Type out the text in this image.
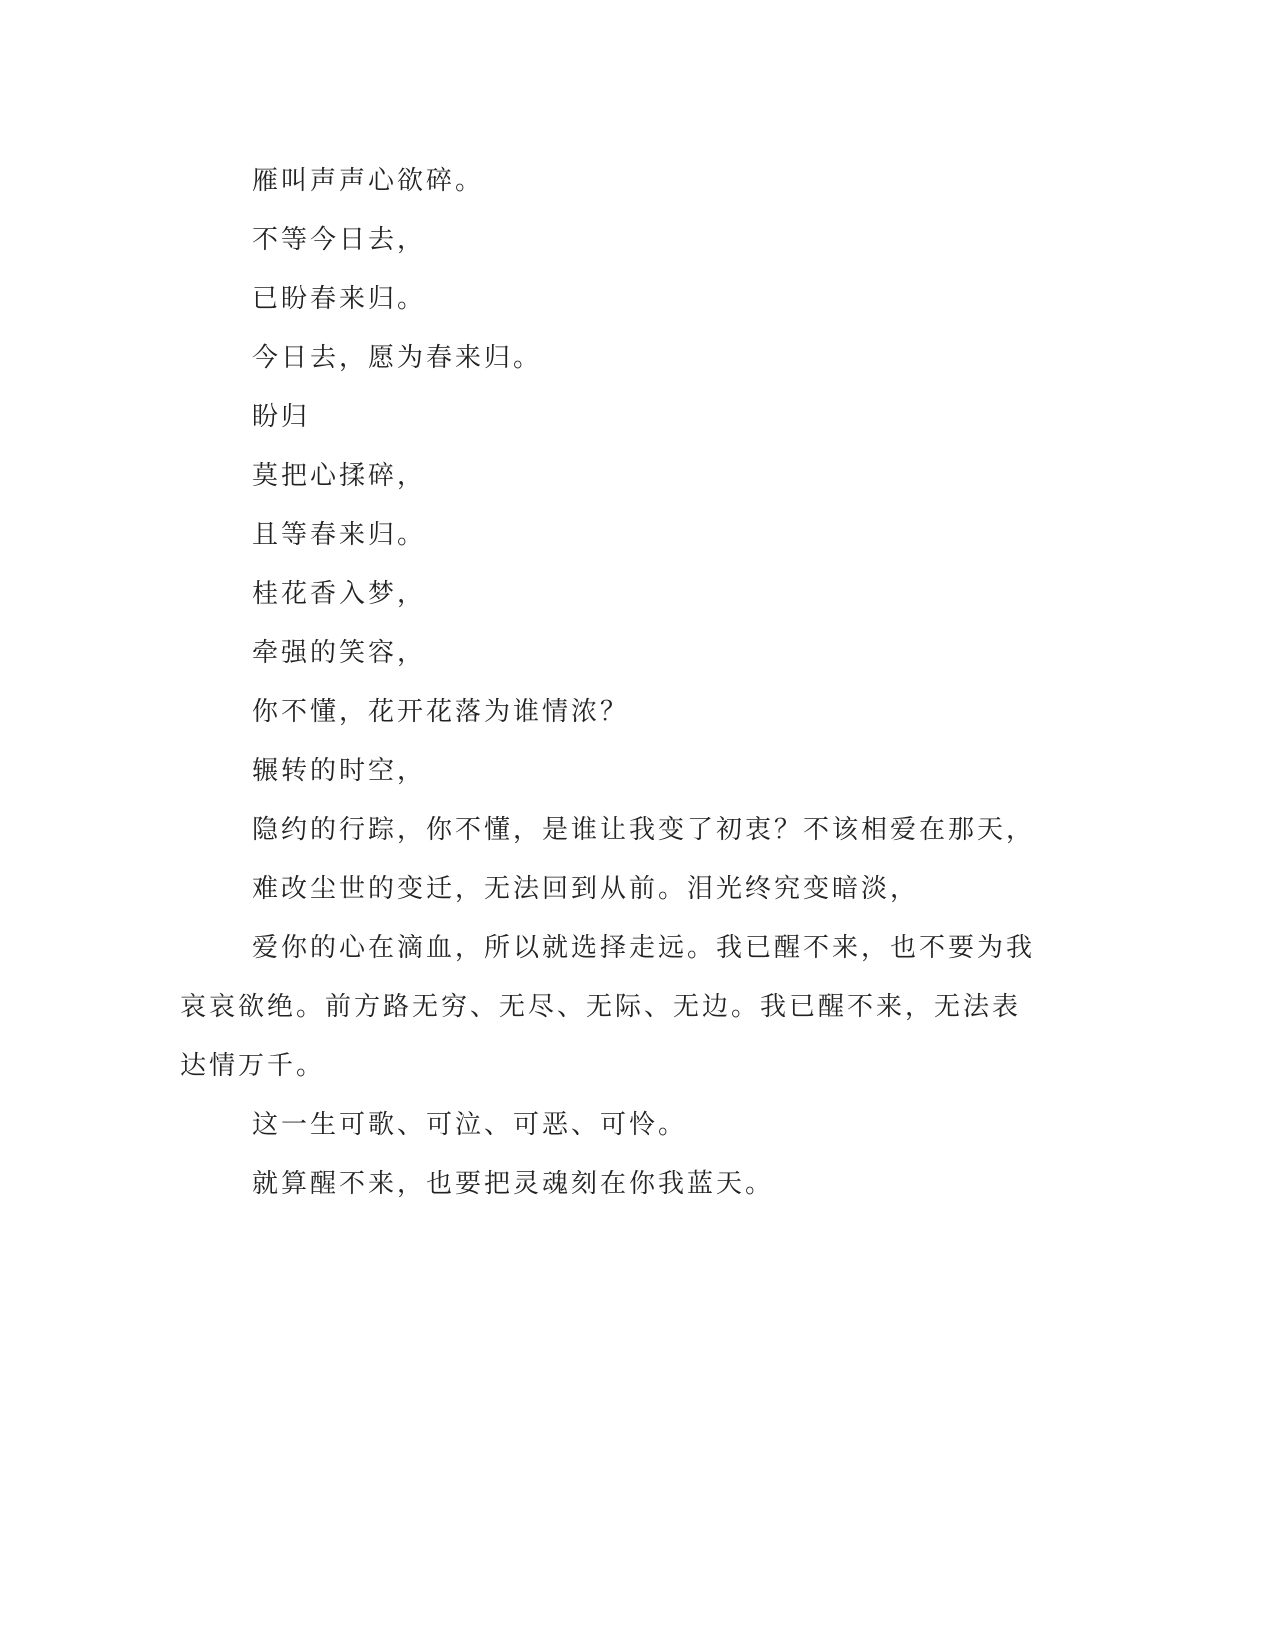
雁叫声声心欲碎。

不等今日去，

已盼春来归。

今日去，愿为春来归。

盼归

莫把心揉碎，

且等春来归。

桂花香入梦，

牵强的笑容，

你不懂，花开花落为谁情浓？

辗转的时空，

隐约的行踪，你不懂，是谁让我变了初衷？不该相爱在那天，

难改尘世的变迁，无法回到从前。泪光终究变暗淡，

爱你的心在滴血，所以就选择走远。我已醒不来，也不要为我哀哀欲绝。前方路无穷、无尽、无际、无边。我已醒不来，无法表达情万千。

这一生可歌、可泣、可恶、可怜。

就算醒不来，也要把灵魂刻在你我蓝天。
